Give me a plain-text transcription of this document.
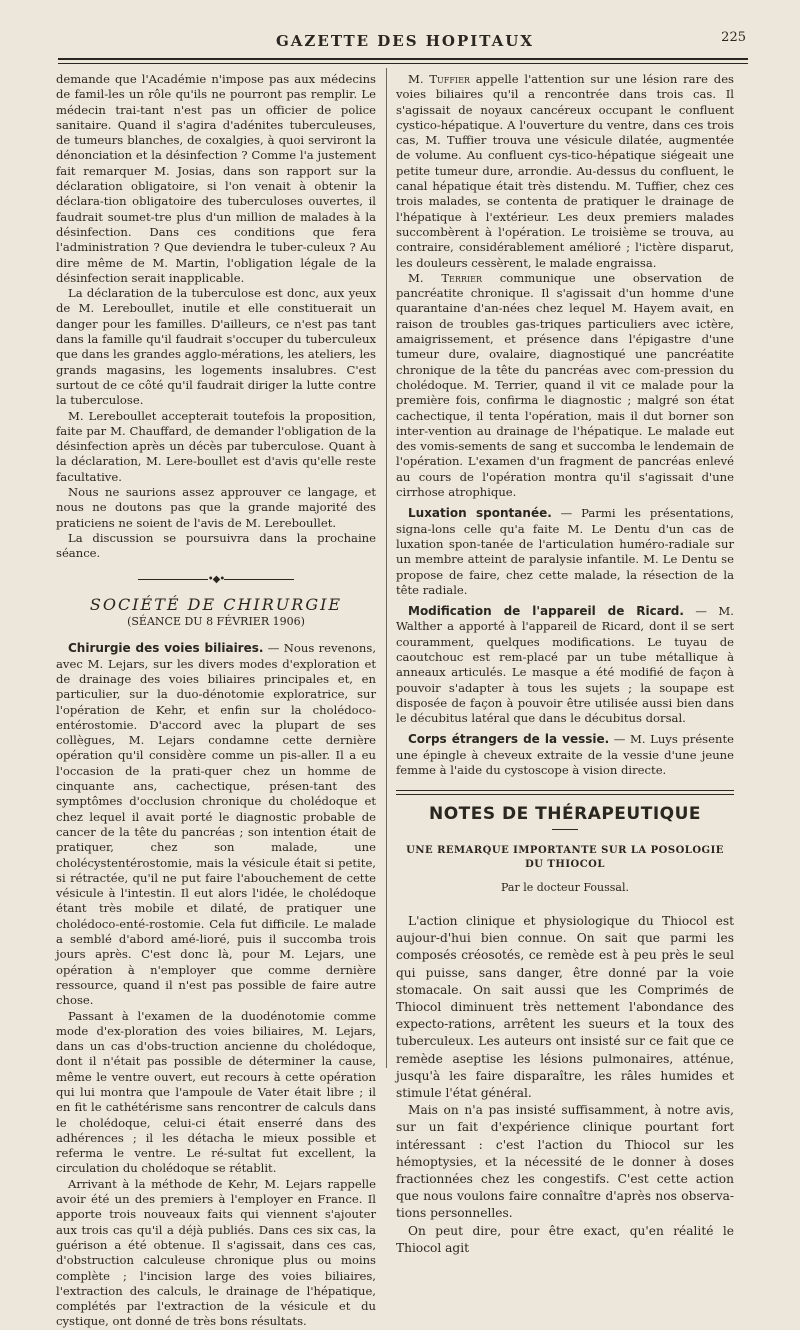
GAZETTE DES HOPITAUX	225

demande que l'Académie n'impose pas aux médecins de famil-les un rôle qu'ils ne pourront pas remplir. Le médecin trai-tant n'est pas un officier de police sanitaire. Quand il s'agira d'adénites tuberculeuses, de tumeurs blanches, de coxalgies, à quoi serviront la dénonciation et la désinfection ? Comme l'a justement fait remarquer M. Josias, dans son rapport sur la déclaration obligatoire, si l'on venait à obtenir la déclara-tion obligatoire des tuberculoses ouvertes, il faudrait soumet-tre plus d'un million de malades à la désinfection. Dans ces conditions que fera l'administration ? Que deviendra le tuber-culeux ? Au dire même de M. Martin, l'obligation légale de la désinfection serait inapplicable.

La déclaration de la tuberculose est donc, aux yeux de M. Lereboullet, inutile et elle constituerait un danger pour les familles. D'ailleurs, ce n'est pas tant dans la famille qu'il faudrait s'occuper du tuberculeux que dans les grandes agglo-mérations, les ateliers, les grands magasins, les logements insalubres. C'est surtout de ce côté qu'il faudrait diriger la lutte contre la tuberculose.

M. Lereboullet accepterait toutefois la proposition, faite par M. Chauffard, de demander l'obligation de la désinfection après un décès par tuberculose. Quant à la déclaration, M. Lere-boullet est d'avis qu'elle reste facultative.

Nous ne saurions assez approuver ce langage, et nous ne doutons pas que la grande majorité des praticiens ne soient de l'avis de M. Lereboullet.

La discussion se poursuivra dans la prochaine séance.

•◆•
SOCIÉTÉ DE CHIRURGIE
(SÉANCE DU 8 FÉVRIER 1906)

Chirurgie des voies biliaires. — Nous revenons, avec M. Lejars, sur les divers modes d'exploration et de drainage des voies biliaires principales et, en particulier, sur la duo-dénotomie exploratrice, sur l'opération de Kehr, et enfin sur la cholédoco-entérostomie. D'accord avec la plupart de ses collègues, M. Lejars condamne cette dernière opération qu'il considère comme un pis-aller. Il a eu l'occasion de la prati-quer chez un homme de cinquante ans, cachectique, présen-tant des symptômes d'occlusion chronique du cholédoque et chez lequel il avait porté le diagnostic probable de cancer de la tête du pancréas ; son intention était de pratiquer, chez son malade, une cholécystentérostomie, mais la vésicule était si petite, si rétractée, qu'il ne put faire l'abouchement de cette vésicule à l'intestin. Il eut alors l'idée, le cholédoque étant très mobile et dilaté, de pratiquer une cholédoco-enté-rostomie. Cela fut difficile. Le malade a semblé d'abord amé-lioré, puis il succomba trois jours après. C'est donc là, pour M. Lejars, une opération à n'employer que comme dernière ressource, quand il n'est pas possible de faire autre chose.

Passant à l'examen de la duodénotomie comme mode d'ex-ploration des voies biliaires, M. Lejars, dans un cas d'obs-truction ancienne du cholédoque, dont il n'était pas possible de déterminer la cause, même le ventre ouvert, eut recours à cette opération qui lui montra que l'ampoule de Vater était libre ; il en fit le cathétérisme sans rencontrer de calculs dans le cholédoque, celui-ci était enserré dans des adhérences ; il les détacha le mieux possible et referma le ventre. Le ré-sultat fut excellent, la circulation du cholédoque se rétablit.

Arrivant à la méthode de Kehr, M. Lejars rappelle avoir été un des premiers à l'employer en France. Il apporte trois nouveaux faits qui viennent s'ajouter aux trois cas qu'il a déjà publiés. Dans ces six cas, la guérison a été obtenue. Il s'agissait, dans ces cas, d'obstruction calculeuse chronique plus ou moins complète ; l'incision large des voies biliaires, l'extraction des calculs, le drainage de l'hépatique, complétés par l'extraction de la vésicule et du cystique, ont donné de très bons résultats.

M. Tuffier appelle l'attention sur une lésion rare des voies biliaires qu'il a rencontrée dans trois cas. Il s'agissait de noyaux cancéreux occupant le confluent cystico-hépatique. A l'ouverture du ventre, dans ces trois cas, M. Tuffier trouva une vésicule dilatée, augmentée de volume. Au confluent cys-tico-hépatique siégeait une petite tumeur dure, arrondie. Au-dessus du confluent, le canal hépatique était très distendu. M. Tuffier, chez ces trois malades, se contenta de pratiquer le drainage de l'hépatique à l'extérieur. Les deux premiers malades succombèrent à l'opération. Le troisième se trouva, au contraire, considérablement amélioré ; l'ictère disparut, les douleurs cessèrent, le malade engraissa.

M. Terrier communique une observation de pancréatite chronique. Il s'agissait d'un homme d'une quarantaine d'an-nées chez lequel M. Hayem avait, en raison de troubles gas-triques particuliers avec ictère, amaigrissement, et présence dans l'épigastre d'une tumeur dure, ovalaire, diagnostiqué une pancréatite chronique de la tête du pancréas avec com-pression du cholédoque. M. Terrier, quand il vit ce malade pour la première fois, confirma le diagnostic ; malgré son état cachectique, il tenta l'opération, mais il dut borner son inter-vention au drainage de l'hépatique. Le malade eut des vomis-sements de sang et succomba le lendemain de l'opération. L'examen d'un fragment de pancréas enlevé au cours de l'opération montra qu'il s'agissait d'une cirrhose atrophique.

Luxation spontanée. — Parmi les présentations, signa-lons celle qu'a faite M. Le Dentu d'un cas de luxation spon-tanée de l'articulation huméro-radiale sur un membre atteint de paralysie infantile. M. Le Dentu se propose de faire, chez cette malade, la résection de la tête radiale.

Modification de l'appareil de Ricard. — M. Walther a apporté à l'appareil de Ricard, dont il se sert couramment, quelques modifications. Le tuyau de caoutchouc est rem-placé par un tube métallique à anneaux articulés. Le masque a été modifié de façon à pouvoir s'adapter à tous les sujets ; la soupape est disposée de façon à pouvoir être utilisée aussi bien dans le décubitus latéral que dans le décubitus dorsal.

Corps étrangers de la vessie. — M. Luys présente une épingle à cheveux extraite de la vessie d'une jeune femme à l'aide du cystoscope à vision directe.

NOTES DE THÉRAPEUTIQUE
UNE REMARQUE IMPORTANTE SUR LA POSOLOGIE DU THIOCOL
Par le docteur Foussal.

L'action clinique et physiologique du Thiocol est aujour-d'hui bien connue. On sait que parmi les composés créosotés, ce remède est à peu près le seul qui puisse, sans danger, être donné par la voie stomacale. On sait aussi que les Comprimés de Thiocol diminuent très nettement l'abondance des expecto-rations, arrêtent les sueurs et la toux des tuberculeux. Les auteurs ont insisté sur ce fait que ce remède aseptise les lésions pulmonaires, atténue, jusqu'à les faire disparaître, les râles humides et stimule l'état général.

Mais on n'a pas insisté suffisamment, à notre avis, sur un fait d'expérience clinique pourtant fort intéressant : c'est l'action du Thiocol sur les hémoptysies, et la nécessité de le donner à doses fractionnées chez les congestifs. C'est cette action que nous voulons faire connaître d'après nos observa-tions personnelles.

On peut dire, pour être exact, qu'en réalité le Thiocol agit
